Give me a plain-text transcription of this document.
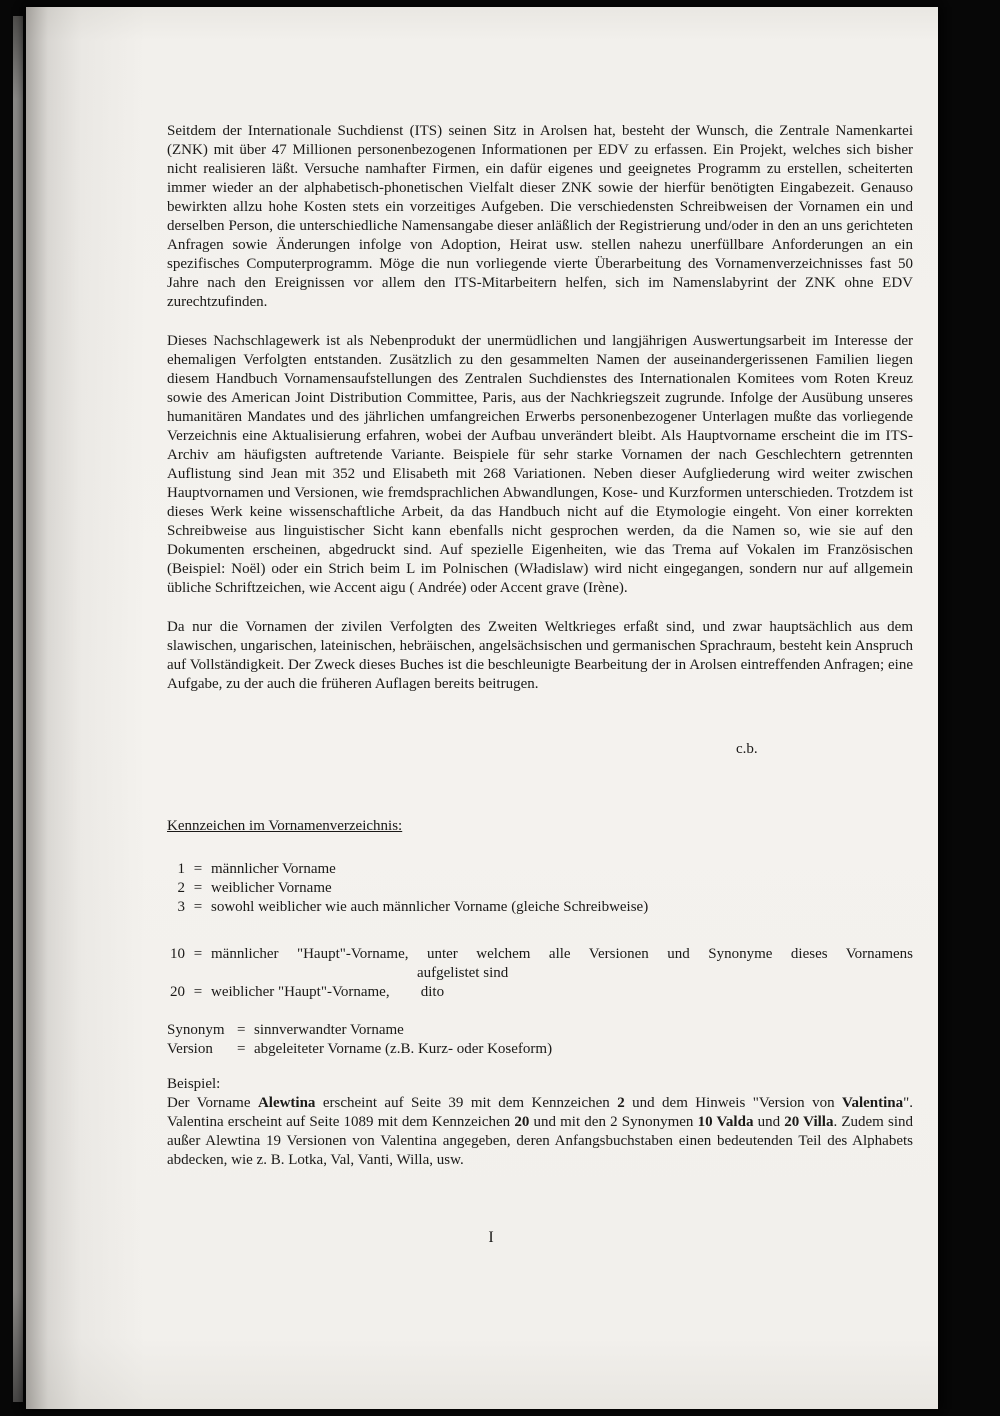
Seitdem der Internationale Suchdienst (ITS) seinen Sitz in Arolsen hat, besteht der Wunsch, die Zentrale Namenkartei (ZNK) mit über 47 Millionen personenbezogenen Informationen per EDV zu erfassen. Ein Projekt, welches sich bisher nicht realisieren läßt. Versuche namhafter Firmen, ein dafür eigenes und geeignetes Programm zu erstellen, scheiterten immer wieder an der alphabetisch-phonetischen Vielfalt dieser ZNK sowie der hierfür benötigten Eingabezeit. Genauso bewirkten allzu hohe Kosten stets ein vorzeitiges Aufgeben. Die verschiedensten Schreibweisen der Vornamen ein und derselben Person, die unterschiedliche Namensangabe dieser anläßlich der Registrierung und/oder in den an uns gerichteten Anfragen sowie Änderungen infolge von Adoption, Heirat usw. stellen nahezu unerfüllbare Anforderungen an ein spezifisches Computerprogramm. Möge die nun vorliegende vierte Überarbeitung des Vornamenverzeichnisses fast 50 Jahre nach den Ereignissen vor allem den ITS-Mitarbeitern helfen, sich im Namenslabyrint der ZNK ohne EDV zurechtzufinden.

Dieses Nachschlagewerk ist als Nebenprodukt der unermüdlichen und langjährigen Auswertungsarbeit im Interesse der ehemaligen Verfolgten entstanden. Zusätzlich zu den gesammelten Namen der auseinandergerissenen Familien liegen diesem Handbuch Vornamensaufstellungen des Zentralen Suchdienstes des Internationalen Komitees vom Roten Kreuz sowie des American Joint Distribution Committee, Paris, aus der Nachkriegszeit zugrunde. Infolge der Ausübung unseres humanitären Mandates und des jährlichen umfangreichen Erwerbs personenbezogener Unterlagen mußte das vorliegende Verzeichnis eine Aktualisierung erfahren, wobei der Aufbau unverändert bleibt. Als Hauptvorname erscheint die im ITS-Archiv am häufigsten auftretende Variante. Beispiele für sehr starke Vornamen der nach Geschlechtern getrennten Auflistung sind Jean mit 352 und Elisabeth mit 268 Variationen. Neben dieser Aufgliederung wird weiter zwischen Hauptvornamen und Versionen, wie fremdsprachlichen Abwandlungen, Kose- und Kurzformen unterschieden. Trotzdem ist dieses Werk keine wissenschaftliche Arbeit, da das Handbuch nicht auf die Etymologie eingeht. Von einer korrekten Schreibweise aus linguistischer Sicht kann ebenfalls nicht gesprochen werden, da die Namen so, wie sie auf den Dokumenten erscheinen, abgedruckt sind. Auf spezielle Eigenheiten, wie das Trema auf Vokalen im Französischen (Beispiel: Noël) oder ein Strich beim L im Polnischen (Władislaw) wird nicht eingegangen, sondern nur auf allgemein übliche Schriftzeichen, wie Accent aigu ( Andrée) oder Accent grave (Irène).

Da nur die Vornamen der zivilen Verfolgten des Zweiten Weltkrieges erfaßt sind, und zwar hauptsächlich aus dem slawischen, ungarischen, lateinischen, hebräischen, angelsächsischen und germanischen Sprachraum, besteht kein Anspruch auf Vollständigkeit. Der Zweck dieses Buches ist die beschleunigte Bearbeitung der in Arolsen eintreffenden Anfragen; eine Aufgabe, zu der auch die früheren Auflagen bereits beitrugen.

c.b.
Kennzeichen im Vornamenverzeichnis:
1 = männlicher Vorname
2 = weiblicher Vorname
3 = sowohl weiblicher wie auch männlicher Vorname (gleiche Schreibweise)
10 = männlicher "Haupt"-Vorname, unter welchem alle Versionen und Synonyme dieses Vornamens
aufgelistet sind
20 = weiblicher "Haupt"-Vorname, dito
Synonym = sinnverwandter Vorname
Version	= abgeleiteter Vorname (z.B. Kurz- oder Koseform)
Beispiel:

Der Vorname Alewtina erscheint auf Seite 39 mit dem Kennzeichen 2 und dem Hinweis "Version von Valentina". Valentina erscheint auf Seite 1089 mit dem Kennzeichen 20 und mit den 2 Synonymen 10 Valda und 20 Villa. Zudem sind außer Alewtina 19 Versionen von Valentina angegeben, deren Anfangsbuchstaben einen bedeutenden Teil des Alphabets abdecken, wie z. B. Lotka, Val, Vanti, Willa, usw.

I
